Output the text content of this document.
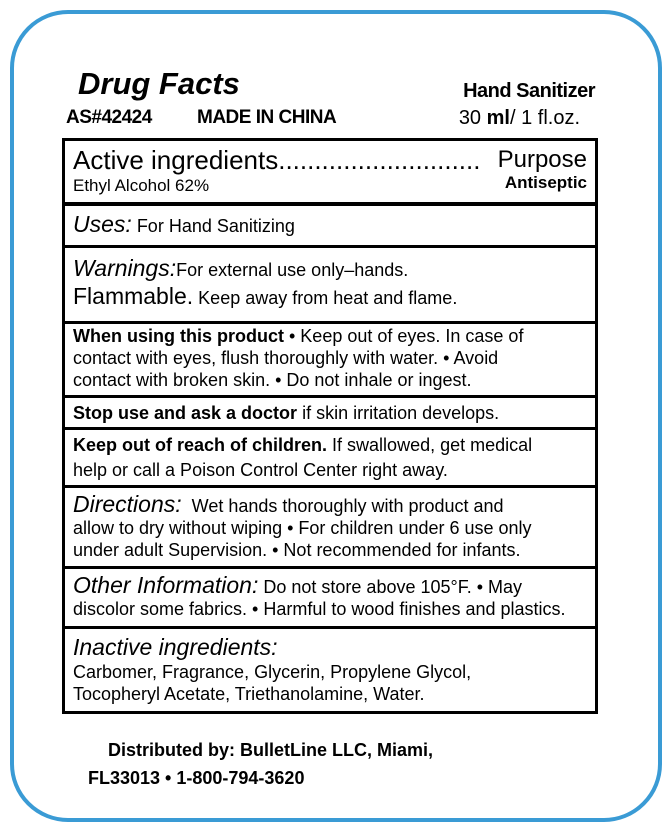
Drug Facts
AS#42424 MADE IN CHINA
Hand Sanitizer
30 ml/ 1 fl.oz.
Active ingredients............................ Purpose
Ethyl Alcohol 62%	Antiseptic
Uses: For Hand Sanitizing
Warnings:For external use only–hands.
Flammable. Keep away from heat and flame.
When using this product • Keep out of eyes. In case of
contact with eyes, flush thoroughly with water. • Avoid
contact with broken skin. • Do not inhale or ingest.
Stop use and ask a doctor if skin irritation develops.
Keep out of reach of children. If swallowed, get medical
help or call a Poison Control Center right away.
Directions: Wet hands thoroughly with product and
allow to dry without wiping • For children under 6 use only
under adult Supervision. • Not recommended for infants.
Other Information: Do not store above 105°F. • May
discolor some fabrics. • Harmful to wood finishes and plastics.
Inactive ingredients:
Carbomer, Fragrance, Glycerin, Propylene Glycol,
Tocopheryl Acetate, Triethanolamine, Water.
Distributed by: BulletLine LLC, Miami,
FL33013 • 1-800-794-3620
